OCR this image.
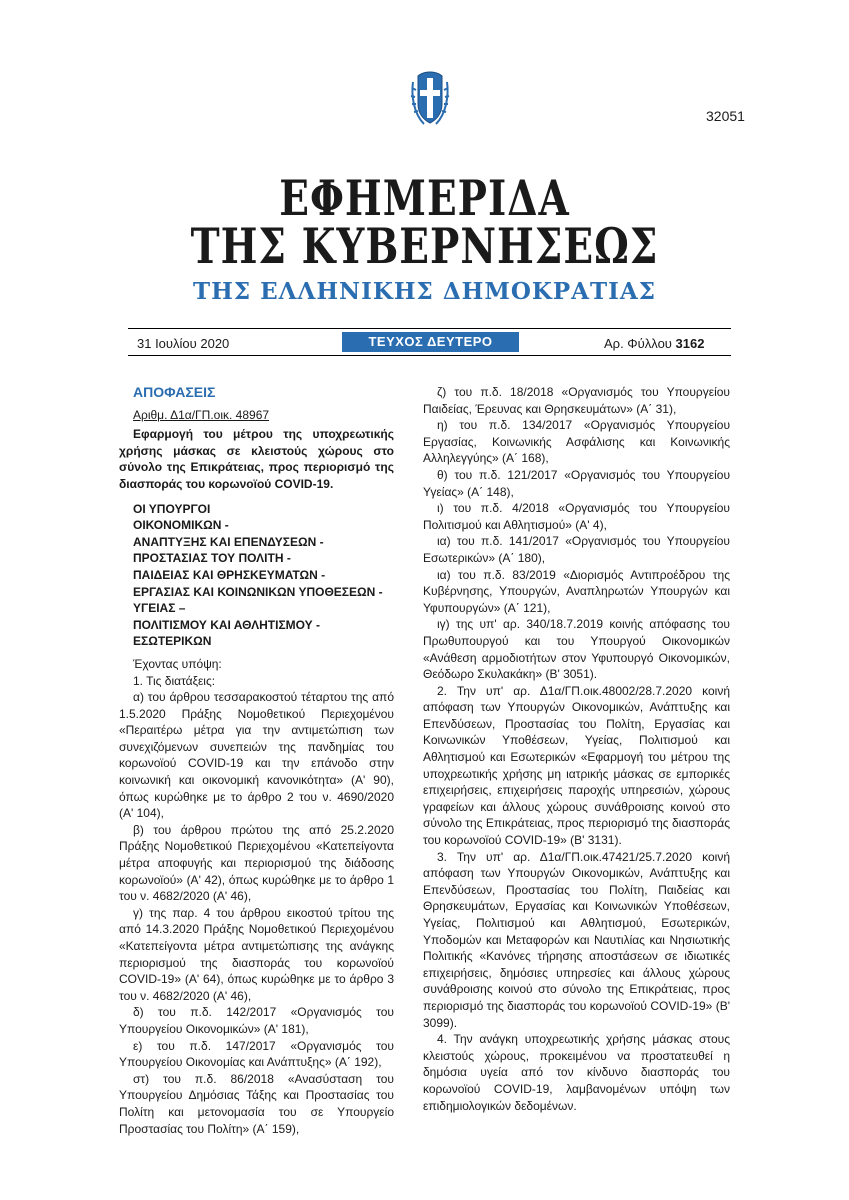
32051
ΕΦΗΜΕΡΙΔΑ
ΤΗΣ ΚΥΒΕΡΝΗΣΕΩΣ
ΤΗΣ ΕΛΛΗΝΙΚΗΣ ΔΗΜΟΚΡΑΤΙΑΣ
31 Ιουλίου 2020	ΤΕΥΧΟΣ ΔΕΥΤΕΡΟ	Αρ. Φύλλου 3162

ΑΠΟΦΑΣΕΙΣ

Αριθμ. Δ1α/ΓΠ.οικ. 48967

Εφαρμογή του μέτρου της υποχρεωτικής χρήσης μάσκας σε κλειστούς χώρους στο σύνολο της Επικράτειας, προς περιορισμό της διασποράς του κορωνοϊού COVID-19.

ΟΙ ΥΠΟΥΡΓΟΙ

ΟΙΚΟΝΟΜΙΚΩΝ -

ΑΝΑΠΤΥΞΗΣ ΚΑΙ ΕΠΕΝΔΥΣΕΩΝ -

ΠΡΟΣΤΑΣΙΑΣ ΤΟΥ ΠΟΛΙΤΗ -

ΠΑΙΔΕΙΑΣ ΚΑΙ ΘΡΗΣΚΕΥΜΑΤΩΝ -

ΕΡΓΑΣΙΑΣ ΚΑΙ ΚΟΙΝΩΝΙΚΩΝ ΥΠΟΘΕΣΕΩΝ -

ΥΓΕΙΑΣ –

ΠΟΛΙΤΙΣΜΟΥ ΚΑΙ ΑΘΛΗΤΙΣΜΟΥ -

ΕΣΩΤΕΡΙΚΩΝ

Έχοντας υπόψη:

1. Τις διατάξεις:

α) του άρθρου τεσσαρακοστού τέταρτου της από 1.5.2020 Πράξης Νομοθετικού Περιεχομένου «Περαιτέρω μέτρα για την αντιμετώπιση των συνεχιζόμενων συνεπειών της πανδημίας του κορωνοϊού COVID-19 και την επάνοδο στην κοινωνική και οικονομική κανονικότητα» (Α' 90), όπως κυρώθηκε με το άρθρο 2 του ν. 4690/2020 (Α' 104),

β) του άρθρου πρώτου της από 25.2.2020 Πράξης Νομοθετικού Περιεχομένου «Κατεπείγοντα μέτρα αποφυγής και περιορισμού της διάδοσης κορωνοϊού» (Α' 42), όπως κυρώθηκε με το άρθρο 1 του ν. 4682/2020 (Α' 46),

γ) της παρ. 4 του άρθρου εικοστού τρίτου της από 14.3.2020 Πράξης Νομοθετικού Περιεχομένου «Κατεπείγοντα μέτρα αντιμετώπισης της ανάγκης περιορισμού της διασποράς του κορωνοϊού COVID-19» (Α' 64), όπως κυρώθηκε με το άρθρο 3 του ν. 4682/2020 (Α' 46),

δ) του π.δ. 142/2017 «Οργανισμός του Υπουργείου Οικονομικών» (Α' 181),

ε) του π.δ. 147/2017 «Οργανισμός του Υπουργείου Οικονομίας και Ανάπτυξης» (Α΄ 192),

στ) του π.δ. 86/2018 «Ανασύσταση του Υπουργείου Δημόσιας Τάξης και Προστασίας του Πολίτη και μετονομασία του σε Υπουργείο Προστασίας του Πολίτη» (Α΄ 159),

ζ) του π.δ. 18/2018 «Οργανισμός του Υπουργείου Παιδείας, Έρευνας και Θρησκευμάτων» (Α΄ 31),

η) του π.δ. 134/2017 «Οργανισμός Υπουργείου Εργασίας, Κοινωνικής Ασφάλισης και Κοινωνικής Αλληλεγγύης» (Α΄ 168),

θ) του π.δ. 121/2017 «Οργανισμός του Υπουργείου Υγείας» (Α΄ 148),

ι) του π.δ. 4/2018 «Οργανισμός του Υπουργείου Πολιτισμού και Αθλητισμού» (Α' 4),

ια) του π.δ. 141/2017 «Οργανισμός του Υπουργείου Εσωτερικών» (Α΄ 180),

ια) του π.δ. 83/2019 «Διορισμός Αντιπροέδρου της Κυβέρνησης, Υπουργών, Αναπληρωτών Υπουργών και Υφυπουργών» (Α΄ 121),

ιγ) της υπ' αρ. 340/18.7.2019 κοινής απόφασης του Πρωθυπουργού και του Υπουργού Οικονομικών «Ανάθεση αρμοδιοτήτων στον Υφυπουργό Οικονομικών, Θεόδωρο Σκυλακάκη» (Β' 3051).

2. Την υπ' αρ. Δ1α/ΓΠ.οικ.48002/28.7.2020 κοινή απόφαση των Υπουργών Οικονομικών, Ανάπτυξης και Επενδύσεων, Προστασίας του Πολίτη, Εργασίας και Κοινωνικών Υποθέσεων, Υγείας, Πολιτισμού και Αθλητισμού και Εσωτερικών «Εφαρμογή του μέτρου της υποχρεωτικής χρήσης μη ιατρικής μάσκας σε εμπορικές επιχειρήσεις, επιχειρήσεις παροχής υπηρεσιών, χώρους γραφείων και άλλους χώρους συνάθροισης κοινού στο σύνολο της Επικράτειας, προς περιορισμό της διασποράς του κορωνοϊού COVID-19» (Β' 3131).

3. Την υπ' αρ. Δ1α/ΓΠ.οικ.47421/25.7.2020 κοινή απόφαση των Υπουργών Οικονομικών, Ανάπτυξης και Επενδύσεων, Προστασίας του Πολίτη, Παιδείας και Θρησκευμάτων, Εργασίας και Κοινωνικών Υποθέσεων, Υγείας, Πολιτισμού και Αθλητισμού, Εσωτερικών, Υποδομών και Μεταφορών και Ναυτιλίας και Νησιωτικής Πολιτικής «Κανόνες τήρησης αποστάσεων σε ιδιωτικές επιχειρήσεις, δημόσιες υπηρεσίες και άλλους χώρους συνάθροισης κοινού στο σύνολο της Επικράτειας, προς περιορισμό της διασποράς του κορωνοϊού COVID-19» (Β' 3099).

4. Την ανάγκη υποχρεωτικής χρήσης μάσκας στους κλειστούς χώρους, προκειμένου να προστατευθεί η δημόσια υγεία από τον κίνδυνο διασποράς του κορωνοϊού COVID-19, λαμβανομένων υπόψη των επιδημιολογικών δεδομένων.
